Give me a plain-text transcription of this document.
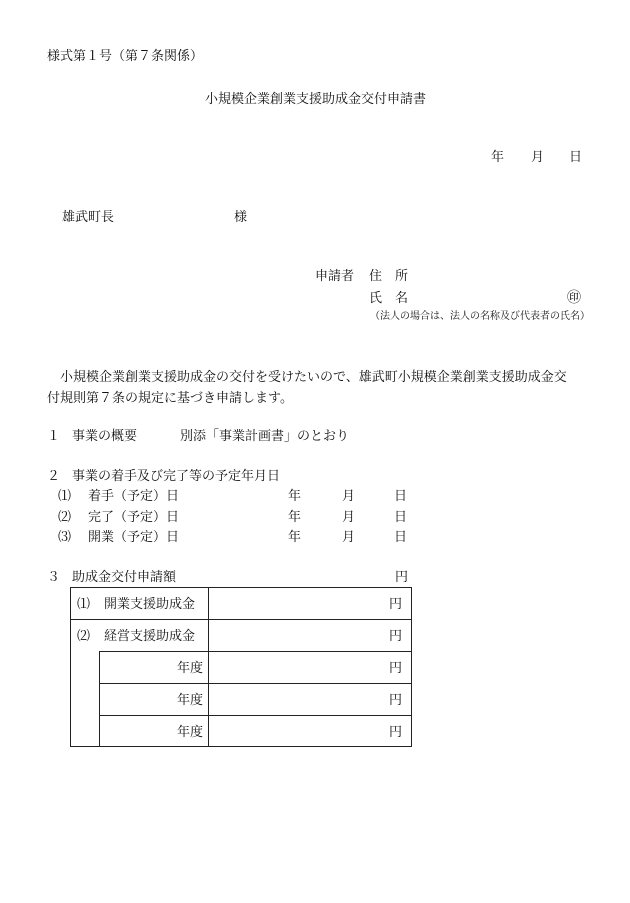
様式第１号（第７条関係）
小規模企業創業支援助成金交付申請書
年 月 日
雄武町長	様
申請者 住　所
氏　名	㊞
（法人の場合は、法人の名称及び代表者の氏名）
　小規模企業創業支援助成金の交付を受けたいので、雄武町小規模企業創業支援助成金交
付規則第７条の規定に基づき申請します。
１ 事業の概要	別添「事業計画書」のとおり
２ 事業の着手及び完了等の予定年月日
⑴ 着手（予定）日	年	月	日
⑵ 完了（予定）日	年	月	日
⑶ 開業（予定）日	年	月	日
３ 助成金交付申請額	円
⑴ 開業支援助成金	円
⑵ 経営支援助成金	円
年度	円
年度	円
年度	円
